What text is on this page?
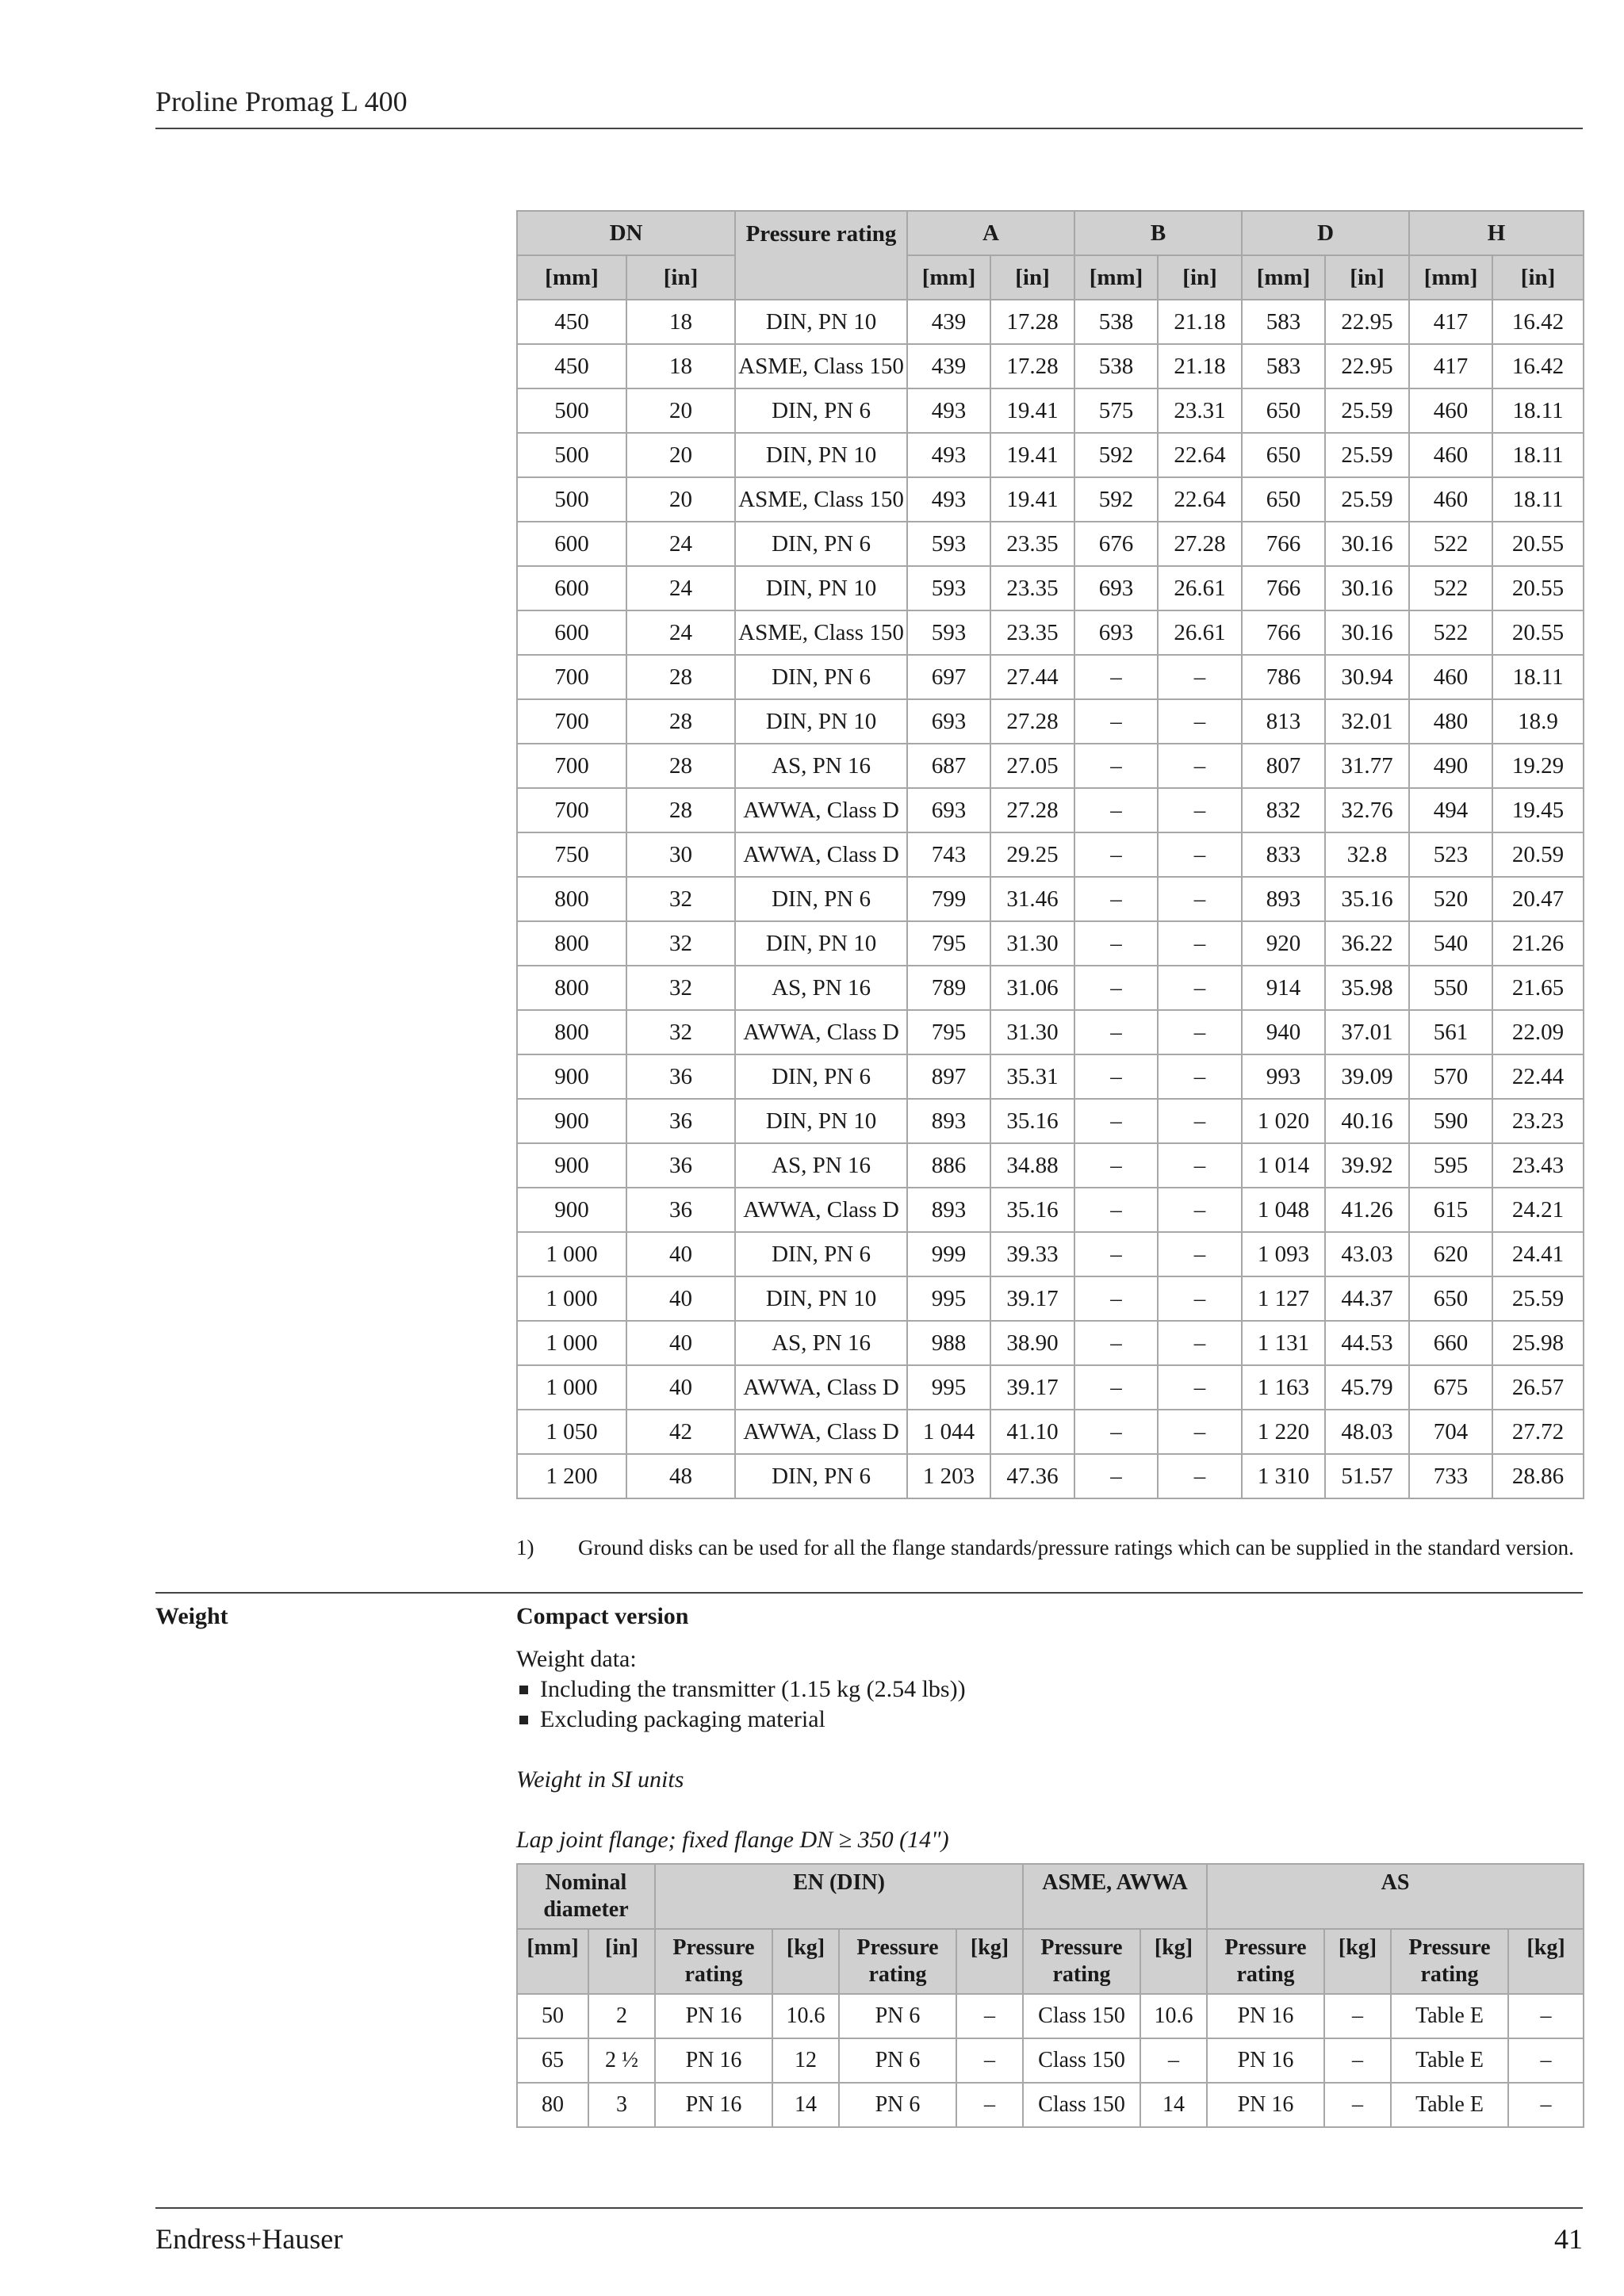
Proline Promag L 400
DN		Pressure rating	A		B		D		H	
[mm]	[in]		[mm]	[in]	[mm]	[in]	[mm]	[in]	[mm]	[in]
450	18	DIN, PN 10	439	17.28	538	21.18	583	22.95	417	16.42
450	18	ASME, Class 150	439	17.28	538	21.18	583	22.95	417	16.42
500	20	DIN, PN 6	493	19.41	575	23.31	650	25.59	460	18.11
500	20	DIN, PN 10	493	19.41	592	22.64	650	25.59	460	18.11
500	20	ASME, Class 150	493	19.41	592	22.64	650	25.59	460	18.11
600	24	DIN, PN 6	593	23.35	676	27.28	766	30.16	522	20.55
600	24	DIN, PN 10	593	23.35	693	26.61	766	30.16	522	20.55
600	24	ASME, Class 150	593	23.35	693	26.61	766	30.16	522	20.55
700	28	DIN, PN 6	697	27.44	–	–	786	30.94	460	18.11
700	28	DIN, PN 10	693	27.28	–	–	813	32.01	480	18.9
700	28	AS, PN 16	687	27.05	–	–	807	31.77	490	19.29
700	28	AWWA, Class D	693	27.28	–	–	832	32.76	494	19.45
750	30	AWWA, Class D	743	29.25	–	–	833	32.8	523	20.59
800	32	DIN, PN 6	799	31.46	–	–	893	35.16	520	20.47
800	32	DIN, PN 10	795	31.30	–	–	920	36.22	540	21.26
800	32	AS, PN 16	789	31.06	–	–	914	35.98	550	21.65
800	32	AWWA, Class D	795	31.30	–	–	940	37.01	561	22.09
900	36	DIN, PN 6	897	35.31	–	–	993	39.09	570	22.44
900	36	DIN, PN 10	893	35.16	–	–	1 020	40.16	590	23.23
900	36	AS, PN 16	886	34.88	–	–	1 014	39.92	595	23.43
900	36	AWWA, Class D	893	35.16	–	–	1 048	41.26	615	24.21
1 000	40	DIN, PN 6	999	39.33	–	–	1 093	43.03	620	24.41
1 000	40	DIN, PN 10	995	39.17	–	–	1 127	44.37	650	25.59
1 000	40	AS, PN 16	988	38.90	–	–	1 131	44.53	660	25.98
1 000	40	AWWA, Class D	995	39.17	–	–	1 163	45.79	675	26.57
1 050	42	AWWA, Class D	1 044	41.10	–	–	1 220	48.03	704	27.72
1 200	48	DIN, PN 6	1 203	47.36	–	–	1 310	51.57	733	28.86
1)	Ground disks can be used for all the flange standards/pressure ratings which can be supplied in the standard version.
Weight	Compact version

Weight data:

Including the transmitter (1.15 kg (2.54 lbs))
Excluding packaging material

Weight in SI units

Lap joint flange; fixed flange DN ≥ 350 (14")

Nominal diameter		EN (DIN)				ASME, AWWA		AS			
[mm]	[in]	Pressure rating	[kg]	Pressure rating	[kg]	Pressure rating	[kg]	Pressure rating	[kg]	Pressure rating	[kg]
50	2	PN 16	10.6	PN 6	–	Class 150	10.6	PN 16	–	Table E	–
65	2 ½	PN 16	12	PN 6	–	Class 150	–	PN 16	–	Table E	–
80	3	PN 16	14	PN 6	–	Class 150	14	PN 16	–	Table E	–
Endress+Hauser	41
